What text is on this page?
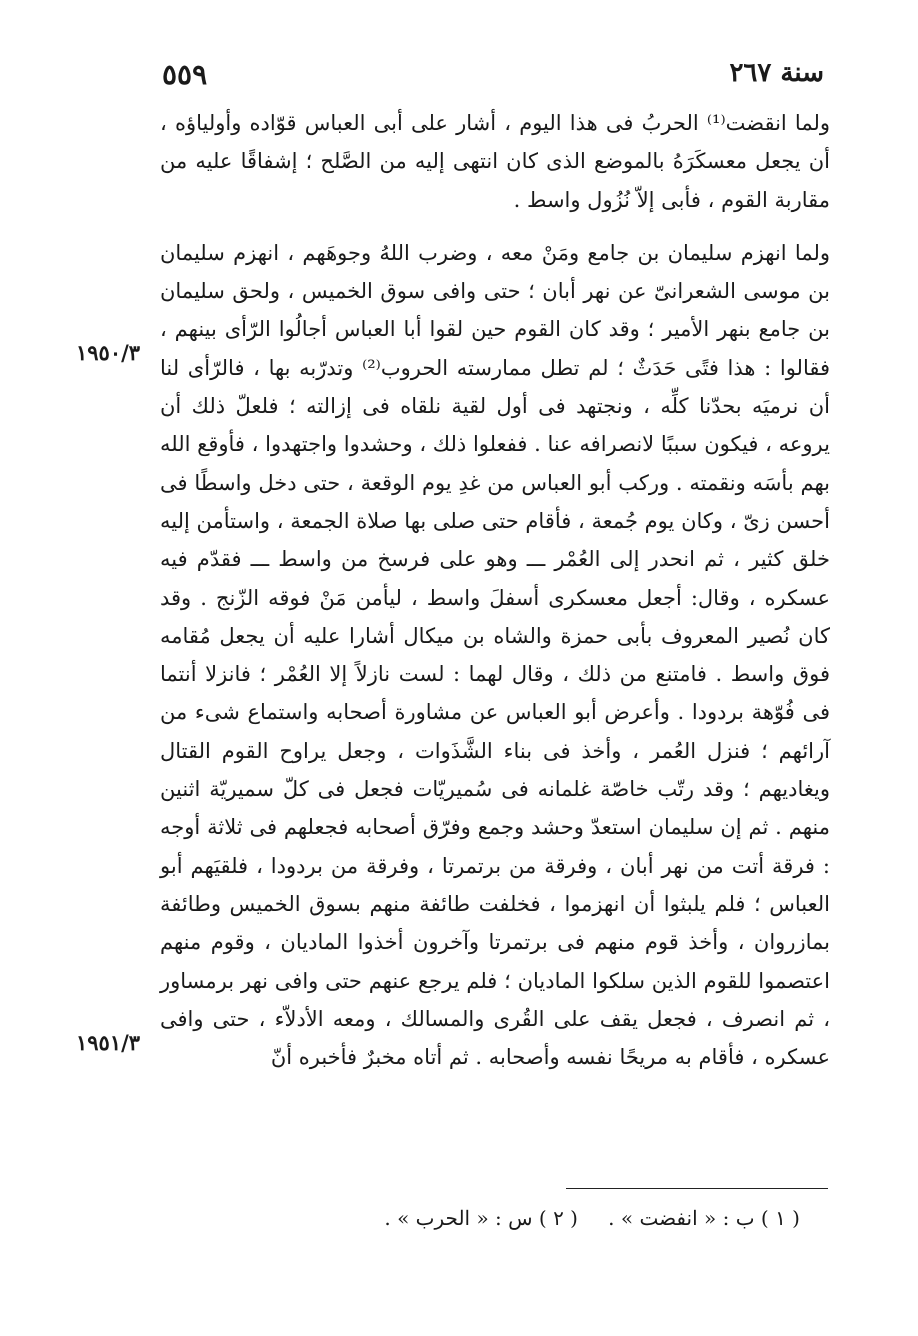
٥٥٩	سنة ٢٦٧
١٩٥٠/٣
١٩٥١/٣

ولما انقضت⁽¹⁾ الحربُ فى هذا اليوم ، أشار على أبى العباس قوّاده وأولياؤه ، أن يجعل معسكَرَهُ بالموضع الذى كان انتهى إليه من الصَّلح ؛ إشفاقًا عليه من مقاربة القوم ، فأبى إلاّ نُزُول واسط .

ولما انهزم سليمان بن جامع ومَنْ معه ، وضرب اللهُ وجوهَهم ، انهزم سليمان بن موسى الشعرانىّ عن نهر أبان ؛ حتى وافى سوق الخميس ، ولحق سليمان بن جامع بنهر الأمير ؛ وقد كان القوم حين لقوا أبا العباس أجالُوا الرّأى بينهم ، فقالوا : هذا فتًى حَدَثٌ ؛ لم تطل ممارسته الحروب⁽²⁾ وتدرّبه بها ، فالرّأى لنا أن نرميَه بحدّنا كلِّه ، ونجتهد فى أول لقية نلقاه فى إزالته ؛ فلعلّ ذلك أن يروعه ، فيكون سببًا لانصرافه عنا . ففعلوا ذلك ، وحشدوا واجتهدوا ، فأوقع الله بهم بأسَه ونقمته . وركب أبو العباس من غدِ يوم الوقعة ، حتى دخل واسطًا فى أحسن زىّ ، وكان يوم جُمعة ، فأقام حتى صلى بها صلاة الجمعة ، واستأمن إليه خلق كثير ، ثم انحدر إلى العُمْر ـــ وهو على فرسخ من واسط ـــ فقدّم فيه عسكره ، وقال: أجعل معسكرى أسفلَ واسط ، ليأمن مَنْ فوقه الزّنج . وقد كان نُصير المعروف بأبى حمزة والشاه بن ميكال أشارا عليه أن يجعل مُقامه فوق واسط . فامتنع من ذلك ، وقال لهما : لست نازلاً إلا العُمْر ؛ فانزلا أنتما فى فُوّهة بردودا . وأعرض أبو العباس عن مشاورة أصحابه واستماع شىء من آرائهم ؛ فنزل العُمر ، وأخذ فى بناء الشَّذَوات ، وجعل يراوح القوم القتال ويغاديهم ؛ وقد رتّب خاصّة غلمانه فى سُميريّات فجعل فى كلّ سميريّة اثنين منهم . ثم إن سليمان استعدّ وحشد وجمع وفرّق أصحابه فجعلهم فى ثلاثة أوجه : فرقة أتت من نهر أبان ، وفرقة من برتمرتا ، وفرقة من بردودا ، فلقيَهم أبو العباس ؛ فلم يلبثوا أن انهزموا ، فخلفت طائفة منهم بسوق الخميس وطائفة بمازروان ، وأخذ قوم منهم فى برتمرتا وآخرون أخذوا الماديان ، وقوم منهم اعتصموا للقوم الذين سلكوا الماديان ؛ فلم يرجع عنهم حتى وافى نهر برمساور ، ثم انصرف ، فجعل يقف على القُرى والمسالك ، ومعه الأدلاّء ، حتى وافى عسكره ، فأقام به مريحًا نفسه وأصحابه . ثم أتاه مخبرٌ فأخبره أنّ

( ١ ) ب : « انفضت » .
( ٢ ) س : « الحرب » .
